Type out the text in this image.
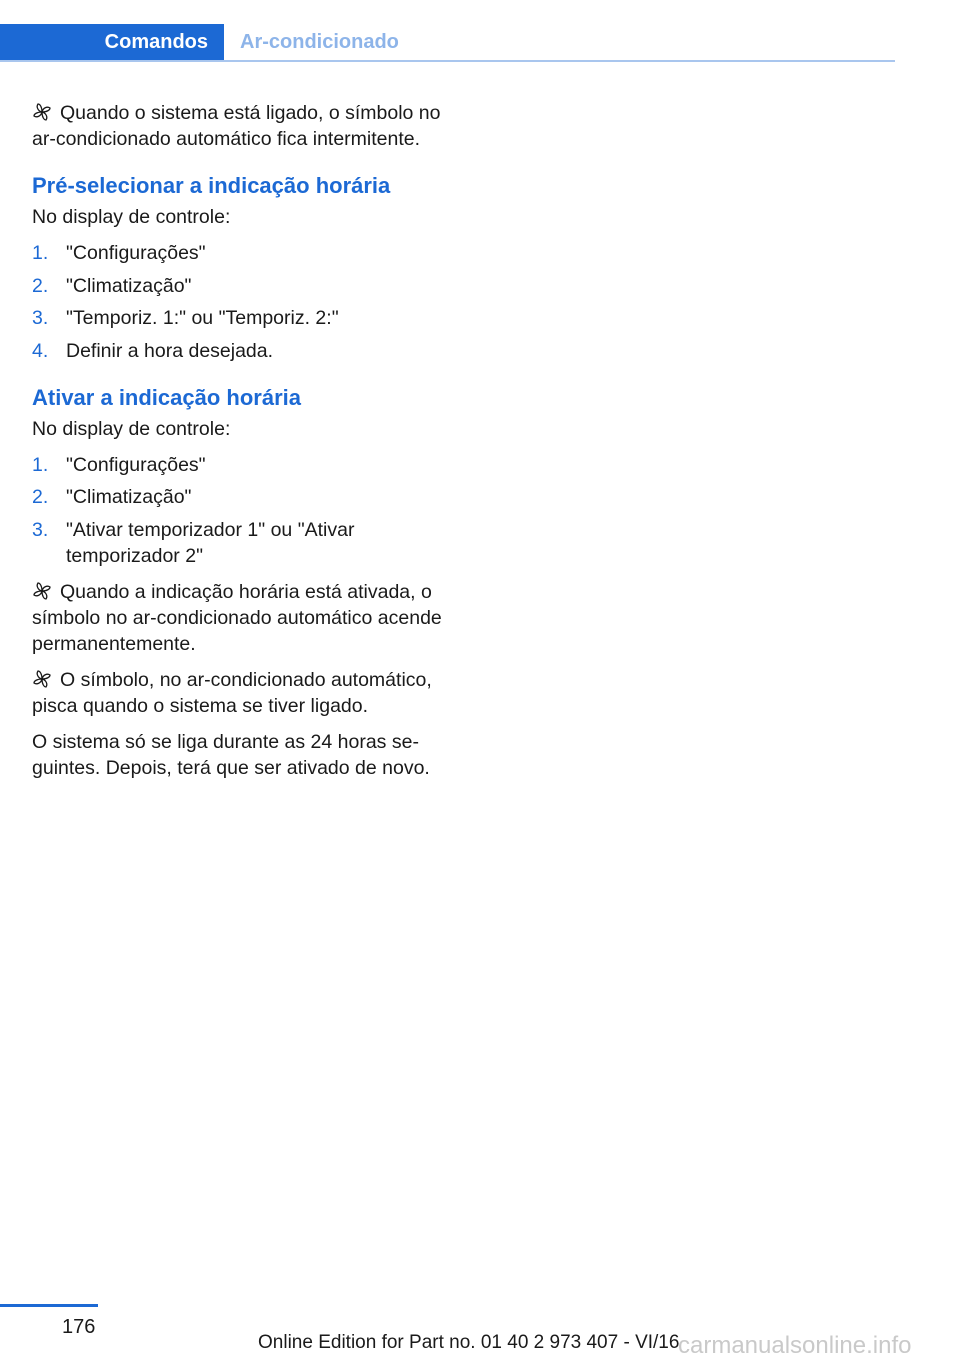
Comandos	Ar-condicionado

Quando o sistema está ligado, o símbolo no ar-condicionado automático fica intermitente.

Pré-selecionar a indicação horária

No display de controle:

1. "Configurações"
2. "Climatização"
3. "Temporiz. 1:" ou "Temporiz. 2:"
4. Definir a hora desejada.
Ativar a indicação horária

No display de controle:

1. "Configurações"
2. "Climatização"
3. "Ativar temporizador 1" ou "Ativar temporizador 2"

Quando a indicação horária está ativada, o símbolo no ar-condicionado automático acende permanentemente.

O símbolo, no ar-condicionado automático, pisca quando o sistema se tiver ligado.

O sistema só se liga durante as 24 horas se-guintes. Depois, terá que ser ativado de novo.

176
Online Edition for Part no. 01 40 2 973 407 - VI/16
carmanualsonline.info
